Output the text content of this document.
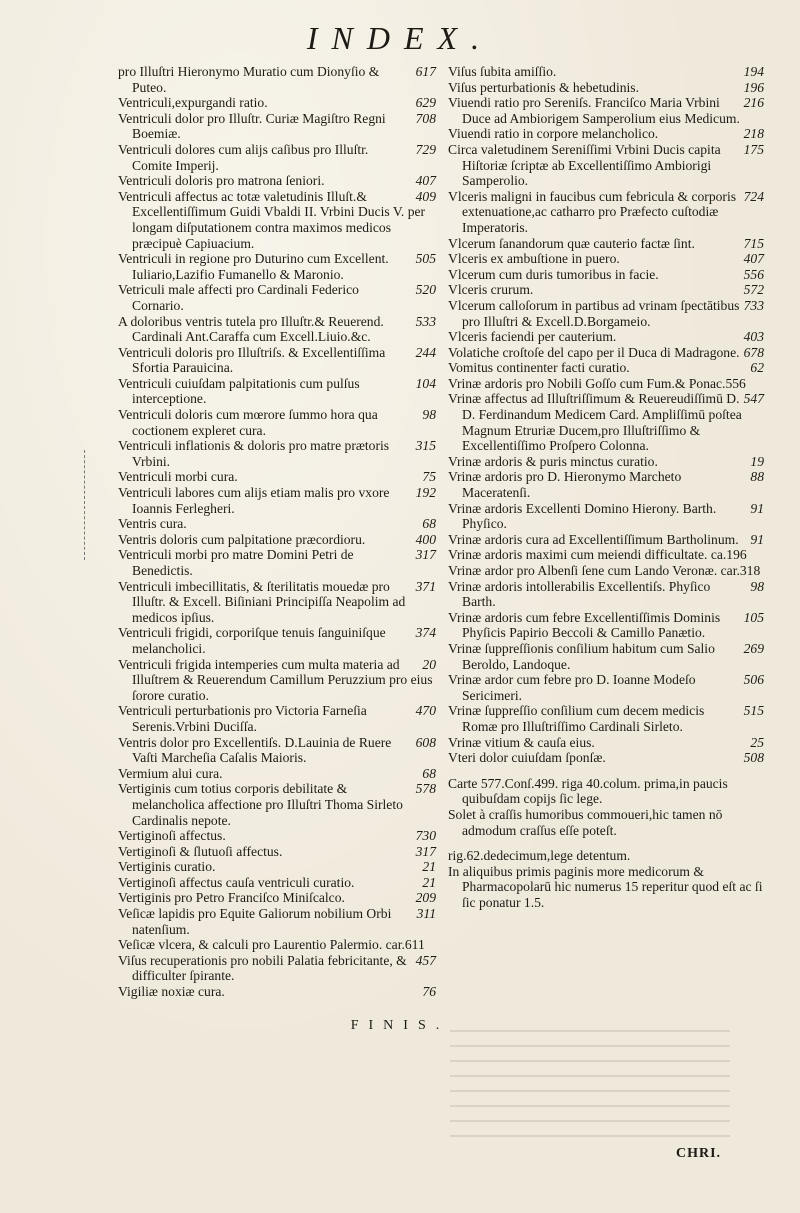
INDEX.

617
pro Illuſtri Hieronymo Muratio cum Dionyſio & Puteo.

629
Ventriculi,expurgandi ratio.

708
Ventriculi dolor pro Illuſtr. Curiæ Magiſtro Regni Boemiæ.

729
Ventriculi dolores cum alijs caſibus pro Illuſtr. Comite Imperij.

407
Ventriculi doloris pro matrona ſeniori.

409
Ventriculi affectus ac totæ valetudinis Illuſt.& Excellentiſſimum Guidi Vbaldi II. Vrbini Ducis V. per longam diſputationem contra maximos medicos præcipuè Capiuacium.

505
Ventriculi in regione pro Duturino cum Excellent. Iuliario,Lazifio Fumanello & Maronio.

520
Vetriculi male affecti pro Cardinali Federico Cornario.

533
A doloribus ventris tutela pro Illuſtr.& Reuerend. Cardinali Ant.Caraffa cum Excell.Liuio.&c.

244
Ventriculi doloris pro Illuſtriſs. & Excellentiſſima Sfortia Parauicina.

104
Ventriculi cuiuſdam palpitationis cum pulſus interceptione.

98
Ventriculi doloris cum mœrore ſummo hora qua coctionem expleret cura.

315
Ventriculi inflationis & doloris pro matre prætoris Vrbini.

75
Ventriculi morbi cura.

192
Ventriculi labores cum alijs etiam malis pro vxore Ioannis Ferlegheri.

68
Ventris cura.

400
Ventris doloris cum palpitatione præcordioru.

317
Ventriculi morbi pro matre Domini Petri de Benedictis.

371
Ventriculi imbecillitatis, & ſterilitatis mouedæ pro Illuſtr. & Excell. Biſiniani Principiſſa Neapolim ad medicos ipſius.

374
Ventriculi frigidi, corporiſque tenuis ſanguiniſque melancholici.

20
Ventriculi frigida intemperies cum multa materia ad Illuſtrem & Reuerendum Camillum Peruzzium pro eius ſorore curatio.

470
Ventriculi perturbationis pro Victoria Farneſia Serenis.Vrbini Duciſſa.

608
Ventris dolor pro Excellentiſs. D.Lauinia de Ruere Vaſti Marcheſia Caſalis Maioris.

68
Vermium alui cura.

578
Vertiginis cum totius corporis debilitate & melancholica affectione pro Illuſtri Thoma Sirleto Cardinalis nepote.

730
Vertiginoſi affectus.

317
Vertiginoſi & ſlutuoſi affectus.

21
Vertiginis curatio.

21
Vertiginoſi affectus cauſa ventriculi curatio.

209
Vertiginis pro Petro Franciſco Miniſcalco.

311
Veſicæ lapidis pro Equite Galiorum nobilium Orbi natenſium.

Veſicæ vlcera, & calculi pro Laurentio Palermio. car.611

457
Viſus recuperationis pro nobili Palatia febricitante, & difficulter ſpirante.

76
Vigiliæ noxiæ cura.

194
Viſus ſubita amiſſio.

196
Viſus perturbationis & hebetudinis.

216
Viuendi ratio pro Sereniſs. Franciſco Maria Vrbini Duce ad Ambiorigem Samperolium eius Medicum.

218
Viuendi ratio in corpore melancholico.

175
Circa valetudinem Sereniſſimi Vrbini Ducis capita Hiſtoriæ ſcriptæ ab Excellentiſſimo Ambiorigi Samperolio.

724
Vlceris maligni in faucibus cum febricula & corporis extenuatione,ac catharro pro Præfecto cuſtodiæ Imperatoris.

715
Vlcerum ſanandorum quæ cauterio factæ ſint.

407
Vlceris ex ambuſtione in puero.

556
Vlcerum cum duris tumoribus in facie.

572
Vlceris crurum.

733
Vlcerum calloſorum in partibus ad vrinam ſpectātibus pro Illuſtri & Excell.D.Borgameio.

403
Vlceris faciendi per cauterium.

678
Volatiche croſtoſe del capo per il Duca di Madragone.

62
Vomitus continenter facti curatio.

Vrinæ ardoris pro Nobili Goſſo cum Fum.& Ponac.556

547
Vrinæ affectus ad Illuſtriſſimum & Reuereudiſſimū D. D. Ferdinandum Medicem Card. Ampliſſimū poſtea Magnum Etruriæ Ducem,pro Illuſtriſſimo & Excellentiſſimo Proſpero Colonna.

19
Vrinæ ardoris & puris minctus curatio.

88
Vrinæ ardoris pro D. Hieronymo Marcheto Maceratenſi.

91
Vrinæ ardoris Excellenti Domino Hierony. Barth. Phyſico.

91
Vrinæ ardoris cura ad Excellentiſſimum Bartholinum.

Vrinæ ardoris maximi cum meiendi difficultate. ca.196

Vrinæ ardor pro Albenſi ſene cum Lando Veronæ. car.318

98
Vrinæ ardoris intollerabilis Excellentiſs. Phyſico Barth.

105
Vrinæ ardoris cum febre Excellentiſſimis Dominis Phyſicis Papirio Beccoli & Camillo Panætio.

269
Vrinæ ſuppreſſionis conſilium habitum cum Salio Beroldo, Landoque.

506
Vrinæ ardor cum febre pro D. Ioanne Modeſo Sericimeri.

515
Vrinæ ſuppreſſio conſilium cum decem medicis Romæ pro Illuſtriſſimo Cardinali Sirleto.

25
Vrinæ vitium & cauſa eius.

508
Vteri dolor cuiuſdam ſponſæ.

Carte 577.Conſ.499. riga 40.colum. prima,in paucis quibuſdam copijs ſic lege.

Solet à craſſis humoribus commoueri,hic tamen nō admodum craſſus eſſe poteſt.

rig.62.dedecimum,lege detentum.

In aliquibus primis paginis more medicorum & Pharmacopolarū hic numerus 15 reperitur quod eſt ac ſi ſic ponatur 1.5.

FINIS.
CHRI.
